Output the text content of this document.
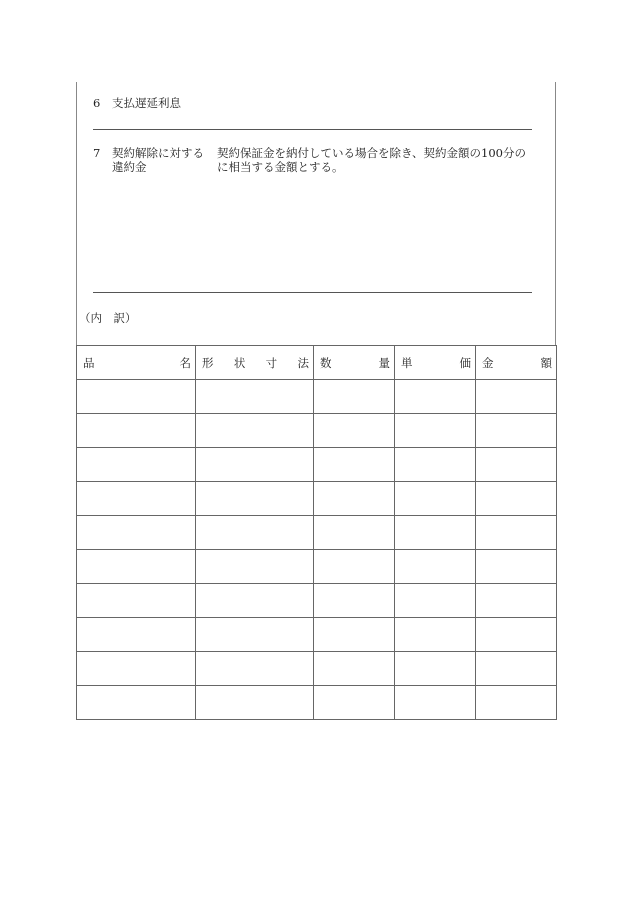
6 支払遅延利息
7 契約解除に対する
違約金
契約保証金を納付している場合を除き、契約金額の100分の
に相当する金額とする。
（内　訳）
品 名	形 状 寸 法	数 量	単 価	金 額
